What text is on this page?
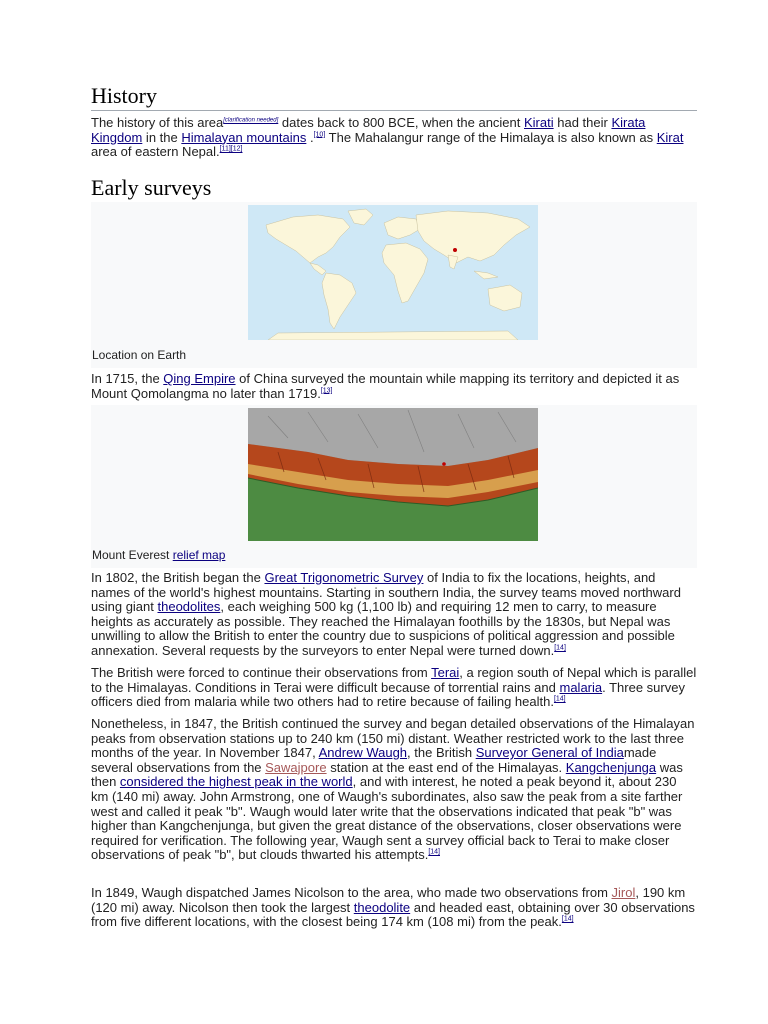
History

The history of this area[clarification needed] dates back to 800 BCE, when the ancient Kirati had their Kirata Kingdom in the Himalayan mountains .[10] The Mahalangur range of the Himalaya is also known as Kirat area of eastern Nepal.[11][12]

Early surveys
Location on Earth

In 1715, the Qing Empire of China surveyed the mountain while mapping its territory and depicted it as Mount Qomolangma no later than 1719.[13]

Mount Everest relief map

In 1802, the British began the Great Trigonometric Survey of India to fix the locations, heights, and names of the world's highest mountains. Starting in southern India, the survey teams moved northward using giant theodolites, each weighing 500 kg (1,100 lb) and requiring 12 men to carry, to measure heights as accurately as possible. They reached the Himalayan foothills by the 1830s, but Nepal was unwilling to allow the British to enter the country due to suspicions of political aggression and possible annexation. Several requests by the surveyors to enter Nepal were turned down.[14]

The British were forced to continue their observations from Terai, a region south of Nepal which is parallel to the Himalayas. Conditions in Terai were difficult because of torrential rains and malaria. Three survey officers died from malaria while two others had to retire because of failing health.[14]

Nonetheless, in 1847, the British continued the survey and began detailed observations of the Himalayan peaks from observation stations up to 240 km (150 mi) distant. Weather restricted work to the last three months of the year. In November 1847, Andrew Waugh, the British Surveyor General of Indiamade several observations from the Sawajpore station at the east end of the Himalayas. Kangchenjunga was then considered the highest peak in the world, and with interest, he noted a peak beyond it, about 230 km (140 mi) away. John Armstrong, one of Waugh's subordinates, also saw the peak from a site farther west and called it peak "b". Waugh would later write that the observations indicated that peak "b" was higher than Kangchenjunga, but given the great distance of the observations, closer observations were required for verification. The following year, Waugh sent a survey official back to Terai to make closer observations of peak "b", but clouds thwarted his attempts.[14]

In 1849, Waugh dispatched James Nicolson to the area, who made two observations from Jirol, 190 km (120 mi) away. Nicolson then took the largest theodolite and headed east, obtaining over 30 observations from five different locations, with the closest being 174 km (108 mi) from the peak.[14]
